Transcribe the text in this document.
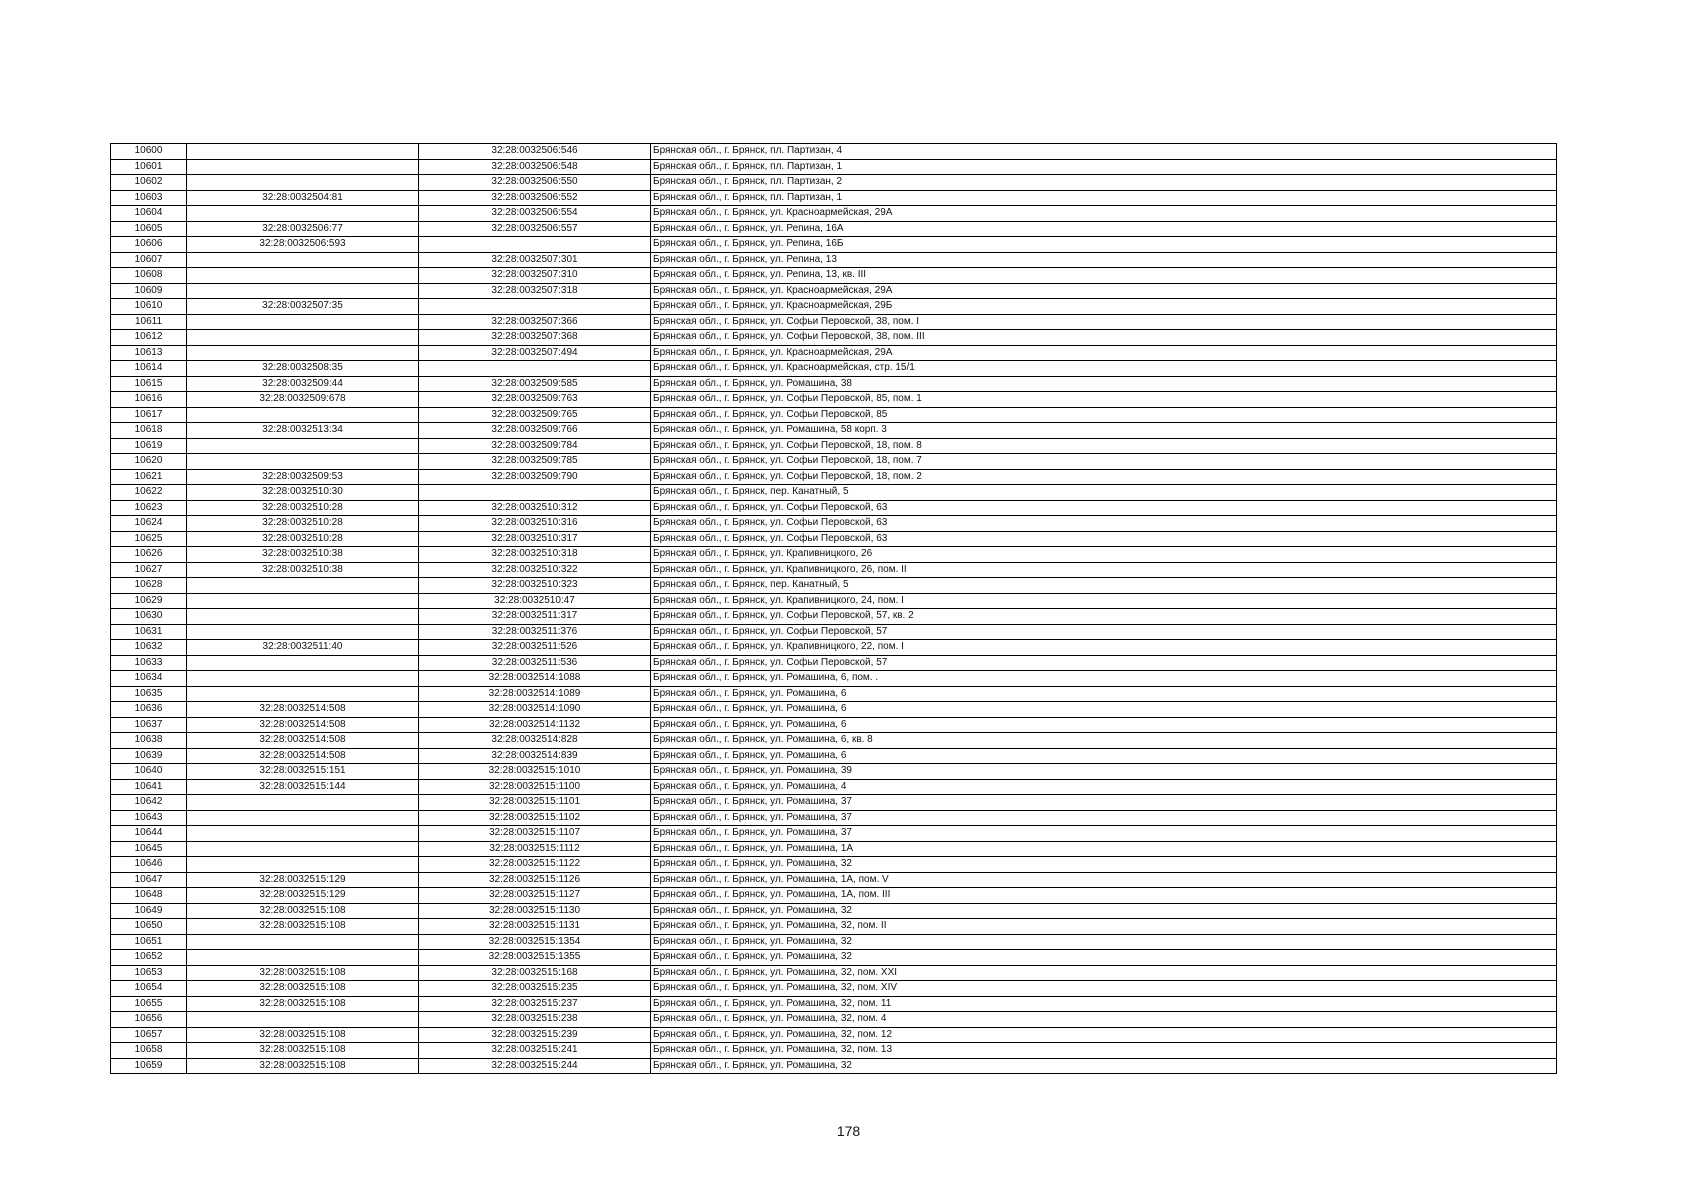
10600		32:28:0032506:546	Брянская обл., г. Брянск, пл. Партизан, 4
10601		32:28:0032506:548	Брянская обл., г. Брянск, пл. Партизан, 1
10602		32:28:0032506:550	Брянская обл., г. Брянск, пл. Партизан, 2
10603	32:28:0032504:81	32:28:0032506:552	Брянская обл., г. Брянск, пл. Партизан, 1
10604		32:28:0032506:554	Брянская обл., г. Брянск, ул. Красноармейская, 29А
10605	32:28:0032506:77	32:28:0032506:557	Брянская обл., г. Брянск, ул. Репина, 16А
10606	32:28:0032506:593		Брянская обл., г. Брянск, ул. Репина, 16Б
10607		32:28:0032507:301	Брянская обл., г. Брянск, ул. Репина, 13
10608		32:28:0032507:310	Брянская обл., г. Брянск, ул. Репина, 13, кв. III
10609		32:28:0032507:318	Брянская обл., г. Брянск, ул. Красноармейская, 29А
10610	32:28:0032507:35		Брянская обл., г. Брянск, ул. Красноармейская, 29Б
10611		32:28:0032507:366	Брянская обл., г. Брянск, ул. Софьи Перовской, 38, пом. I
10612		32:28:0032507:368	Брянская обл., г. Брянск, ул. Софьи Перовской, 38, пом. III
10613		32:28:0032507:494	Брянская обл., г. Брянск, ул. Красноармейская, 29А
10614	32:28:0032508:35		Брянская обл., г. Брянск, ул. Красноармейская, стр. 15/1
10615	32:28:0032509:44	32:28:0032509:585	Брянская обл., г. Брянск, ул. Ромашина, 38
10616	32:28:0032509:678	32:28:0032509:763	Брянская обл., г. Брянск, ул. Софьи Перовской, 85, пом. 1
10617		32:28:0032509:765	Брянская обл., г. Брянск, ул. Софьи Перовской, 85
10618	32:28:0032513:34	32:28:0032509:766	Брянская обл., г. Брянск, ул. Ромашина, 58 корп. 3
10619		32:28:0032509:784	Брянская обл., г. Брянск, ул. Софьи Перовской, 18, пом. 8
10620		32:28:0032509:785	Брянская обл., г. Брянск, ул. Софьи Перовской, 18, пом. 7
10621	32:28:0032509:53	32:28:0032509:790	Брянская обл., г. Брянск, ул. Софьи Перовской, 18, пом. 2
10622	32:28:0032510:30		Брянская обл., г. Брянск, пер. Канатный, 5
10623	32:28:0032510:28	32:28:0032510:312	Брянская обл., г. Брянск, ул. Софьи Перовской, 63
10624	32:28:0032510:28	32:28:0032510:316	Брянская обл., г. Брянск, ул. Софьи Перовской, 63
10625	32:28:0032510:28	32:28:0032510:317	Брянская обл., г. Брянск, ул. Софьи Перовской, 63
10626	32:28:0032510:38	32:28:0032510:318	Брянская обл., г. Брянск, ул. Крапивницкого, 26
10627	32:28:0032510:38	32:28:0032510:322	Брянская обл., г. Брянск, ул. Крапивницкого, 26, пом. II
10628		32:28:0032510:323	Брянская обл., г. Брянск, пер. Канатный, 5
10629		32:28:0032510:47	Брянская обл., г. Брянск, ул. Крапивницкого, 24, пом. I
10630		32:28:0032511:317	Брянская обл., г. Брянск, ул. Софьи Перовской, 57, кв. 2
10631		32:28:0032511:376	Брянская обл., г. Брянск, ул. Софьи Перовской, 57
10632	32:28:0032511:40	32:28:0032511:526	Брянская обл., г. Брянск, ул. Крапивницкого, 22, пом. I
10633		32:28:0032511:536	Брянская обл., г. Брянск, ул. Софьи Перовской, 57
10634		32:28:0032514:1088	Брянская обл., г. Брянск, ул. Ромашина, 6, пом. .
10635		32:28:0032514:1089	Брянская обл., г. Брянск, ул. Ромашина, 6
10636	32:28:0032514:508	32:28:0032514:1090	Брянская обл., г. Брянск, ул. Ромашина, 6
10637	32:28:0032514:508	32:28:0032514:1132	Брянская обл., г. Брянск, ул. Ромашина, 6
10638	32:28:0032514:508	32:28:0032514:828	Брянская обл., г. Брянск, ул. Ромашина, 6, кв. 8
10639	32:28:0032514:508	32:28:0032514:839	Брянская обл., г. Брянск, ул. Ромашина, 6
10640	32:28:0032515:151	32:28:0032515:1010	Брянская обл., г. Брянск, ул. Ромашина, 39
10641	32:28:0032515:144	32:28:0032515:1100	Брянская обл., г. Брянск, ул. Ромашина, 4
10642		32:28:0032515:1101	Брянская обл., г. Брянск, ул. Ромашина, 37
10643		32:28:0032515:1102	Брянская обл., г. Брянск, ул. Ромашина, 37
10644		32:28:0032515:1107	Брянская обл., г. Брянск, ул. Ромашина, 37
10645		32:28:0032515:1112	Брянская обл., г. Брянск, ул. Ромашина, 1А
10646		32:28:0032515:1122	Брянская обл., г. Брянск, ул. Ромашина, 32
10647	32:28:0032515:129	32:28:0032515:1126	Брянская обл., г. Брянск, ул. Ромашина, 1А, пом. V
10648	32:28:0032515:129	32:28:0032515:1127	Брянская обл., г. Брянск, ул. Ромашина, 1А, пом. III
10649	32:28:0032515:108	32:28:0032515:1130	Брянская обл., г. Брянск, ул. Ромашина, 32
10650	32:28:0032515:108	32:28:0032515:1131	Брянская обл., г. Брянск, ул. Ромашина, 32, пом. II
10651		32:28:0032515:1354	Брянская обл., г. Брянск, ул. Ромашина, 32
10652		32:28:0032515:1355	Брянская обл., г. Брянск, ул. Ромашина, 32
10653	32:28:0032515:108	32:28:0032515:168	Брянская обл., г. Брянск, ул. Ромашина, 32, пом. XXI
10654	32:28:0032515:108	32:28:0032515:235	Брянская обл., г. Брянск, ул. Ромашина, 32, пом. XIV
10655	32:28:0032515:108	32:28:0032515:237	Брянская обл., г. Брянск, ул. Ромашина, 32, пом. 11
10656		32:28:0032515:238	Брянская обл., г. Брянск, ул. Ромашина, 32, пом. 4
10657	32:28:0032515:108	32:28:0032515:239	Брянская обл., г. Брянск, ул. Ромашина, 32, пом. 12
10658	32:28:0032515:108	32:28:0032515:241	Брянская обл., г. Брянск, ул. Ромашина, 32, пом. 13
10659	32:28:0032515:108	32:28:0032515:244	Брянская обл., г. Брянск, ул. Ромашина, 32
178
